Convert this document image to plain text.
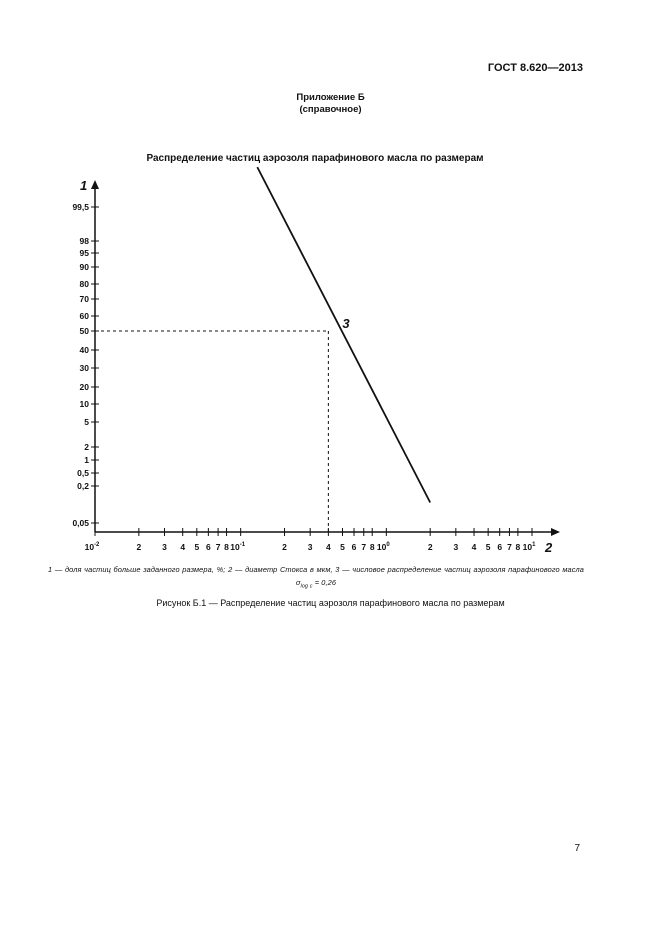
ГОСТ 8.620—2013
Приложение Б
(справочное)
Распределение частиц аэрозоля парафинового масла по размерам
1
2
99,5
98
95
90
80
70
60
50
40
30
20
10
5
2
1
0,5
0,2
0,05
$10^{-2}$	2 3 4 5 6 7 8 $10^{-1}$	2 3 4 5 6 7 8 $10^0$	2 3 4 5 6 7 8 $10^1$
3
1 — доля частиц больше заданного размера, %; 2 — диаметр Стокса в мкм, 3 — числовое распределение частиц аэрозоля парафинового масла $\sigma_{log c} = 0,26$
Рисунок Б.1 — Распределение частиц аэрозоля парафинового масла по размерам
7
